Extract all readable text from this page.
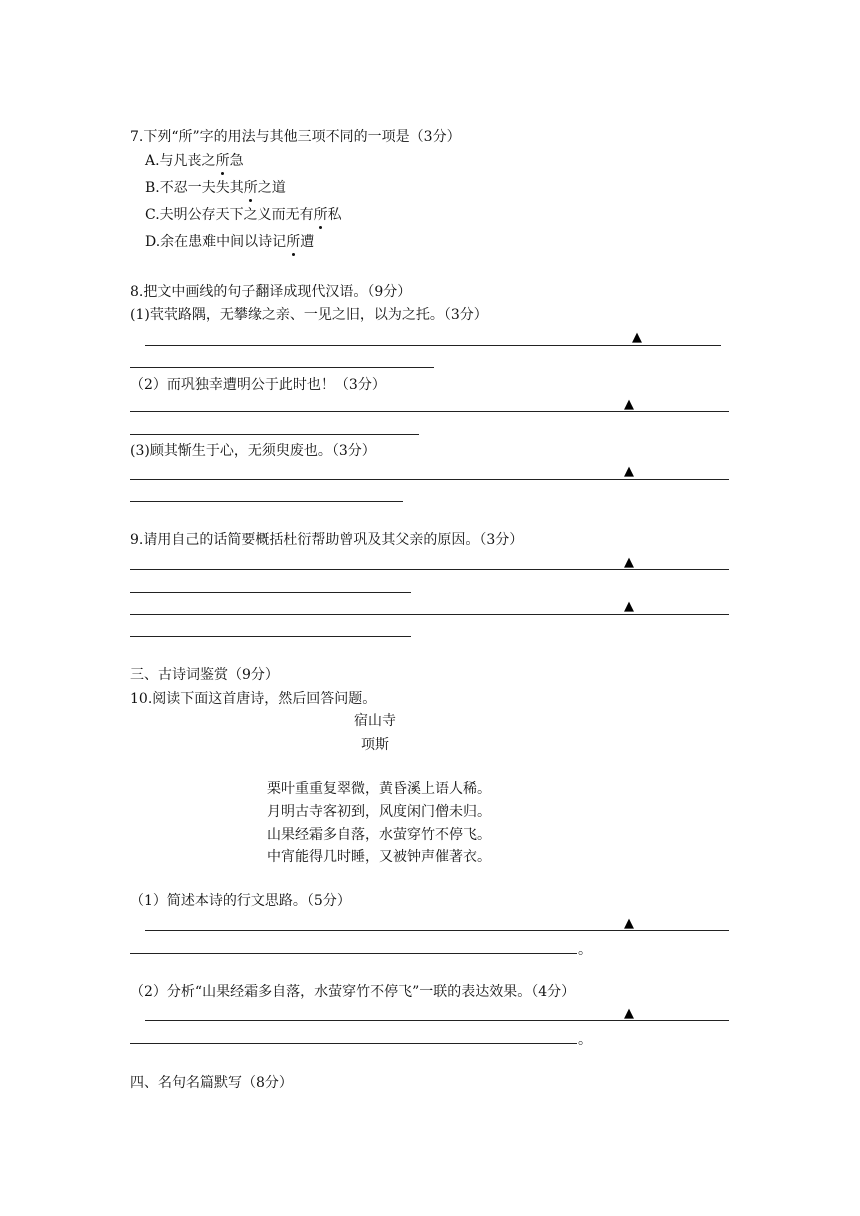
7.下列“所”字的用法与其他三项不同的一项是（3分）
A.与凡丧之所急
B.不忍一夫失其所之道
C.夫明公存天下之义而无有所私
D.余在患难中间以诗记所遭
8.把文中画线的句子翻译成现代汉语。（9分）
(1)茕茕路隅，无攀缘之亲、一见之旧，以为之托。（3分）
▲
（2）而巩独幸遭明公于此时也！（3分）
▲
(3)顾其惭生于心，无须臾废也。（3分）
▲
9.请用自己的话简要概括杜衍帮助曾巩及其父亲的原因。（3分）
▲
▲
三、古诗词鉴赏（9分）
10.阅读下面这首唐诗，然后回答问题。
宿山寺
项斯
栗叶重重复翠微，黄昏溪上语人稀。
月明古寺客初到，风度闲门僧未归。
山果经霜多自落，水萤穿竹不停飞。
中宵能得几时睡，又被钟声催著衣。
（1）简述本诗的行文思路。（5分）
▲
。
（2）分析“山果经霜多自落，水萤穿竹不停飞”一联的表达效果。（4分）
▲
。
四、名句名篇默写（8分）
